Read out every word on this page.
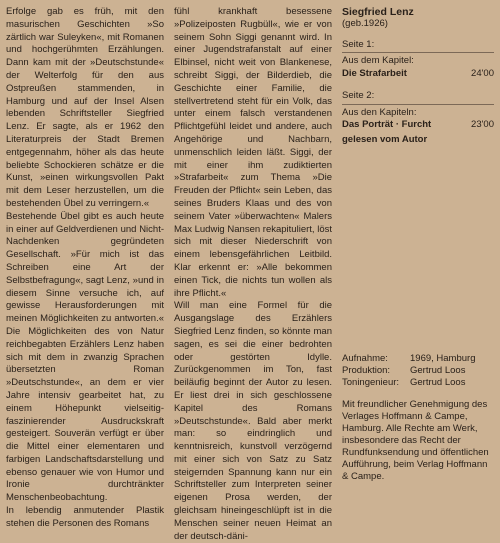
Erfolge gab es früh, mit den masurischen Geschichten »So zärtlich war Suleyken«, mit Romanen und hochgerühmten Erzählungen. Dann kam mit der »Deutschstunde« der Welterfolg für den aus Ostpreußen stammenden, in Hamburg und auf der Insel Alsen lebenden Schriftsteller Siegfried Lenz. Er sagte, als er 1962 den Literaturpreis der Stadt Bremen entgegennahm, höher als das heute beliebte Schockieren schätze er die Kunst, »einen wirkungsvollen Pakt mit dem Leser herzustellen, um die bestehenden Übel zu verringern.«

Bestehende Übel gibt es auch heute in einer auf Geldverdienen und Nicht-Nachdenken gegründeten Gesellschaft. »Für mich ist das Schreiben eine Art der Selbstbefragung«, sagt Lenz, »und in diesem Sinne versuche ich, auf gewisse Herausforderungen mit meinen Möglichkeiten zu antworten.« Die Möglichkeiten des von Natur reichbegabten Erzählers Lenz haben sich mit dem in zwanzig Sprachen übersetzten Roman »Deutschstunde«, an dem er vier Jahre intensiv gearbeitet hat, zu einem Höhepunkt vielseitig-faszinierender Ausdruckskraft gesteigert. Souverän verfügt er über die Mittel einer elementaren und farbigen Landschaftsdarstellung und ebenso genauer wie von Humor und Ironie durchtränkter Menschenbeobachtung.

In lebendig anmutender Plastik stehen die Personen des Romans

fühl krankhaft besessene »Polizeiposten Rugbüll«, wie er von seinem Sohn Siggi genannt wird. In einer Jugendstrafanstalt auf einer Elbinsel, nicht weit von Blankenese, schreibt Siggi, der Bilderdieb, die Geschichte einer Familie, die stellvertretend steht für ein Volk, das unter einem falsch verstandenen Pflichtgefühl leidet und andere, auch Angehörige und Nachbarn, unmenschlich leiden läßt. Siggi, der mit einer ihm zudiktierten »Strafarbeit« zum Thema »Die Freuden der Pflicht« sein Leben, das seines Bruders Klaas und des von seinem Vater »überwachten« Malers Max Ludwig Nansen rekapituliert, löst sich mit dieser Niederschrift von einem lebensgefährlichen Leitbild. Klar erkennt er: »Alle bekommen einen Tick, die nichts tun wollen als ihre Pflicht.«

Will man eine Formel für die Ausgangslage des Erzählers Siegfried Lenz finden, so könnte man sagen, es sei die einer bedrohten oder gestörten Idylle. Zurückgenommen im Ton, fast beiläufig beginnt der Autor zu lesen. Er liest drei in sich geschlossene Kapitel des Romans »Deutschstunde«. Bald aber merkt man: so eindringlich und kenntnisreich, kunstvoll verzögernd mit einer sich von Satz zu Satz steigernden Spannung kann nur ein Schriftsteller zum Interpreten seiner eigenen Prosa werden, der gleichsam hineingeschlüpft ist in die Menschen seiner neuen Heimat an der deutsch-däni-

Siegfried Lenz
(geb.1926)
Seite 1:
Aus dem Kapitel:
Die Strafarbeit	24'00
Seite 2:
Aus den Kapiteln:
Das Porträt · Furcht	23'00
gelesen vom Autor
Aufnahme:	1969, Hamburg
Produktion:	Gertrud Loos
Toningenieur:	Gertrud Loos
Mit freundlicher Genehmigung des Verlages Hoffmann & Campe, Hamburg. Alle Rechte am Werk, insbesondere das Recht der Rundfunksendung und öffentlichen Aufführung, beim Verlag Hoffmann & Campe.
